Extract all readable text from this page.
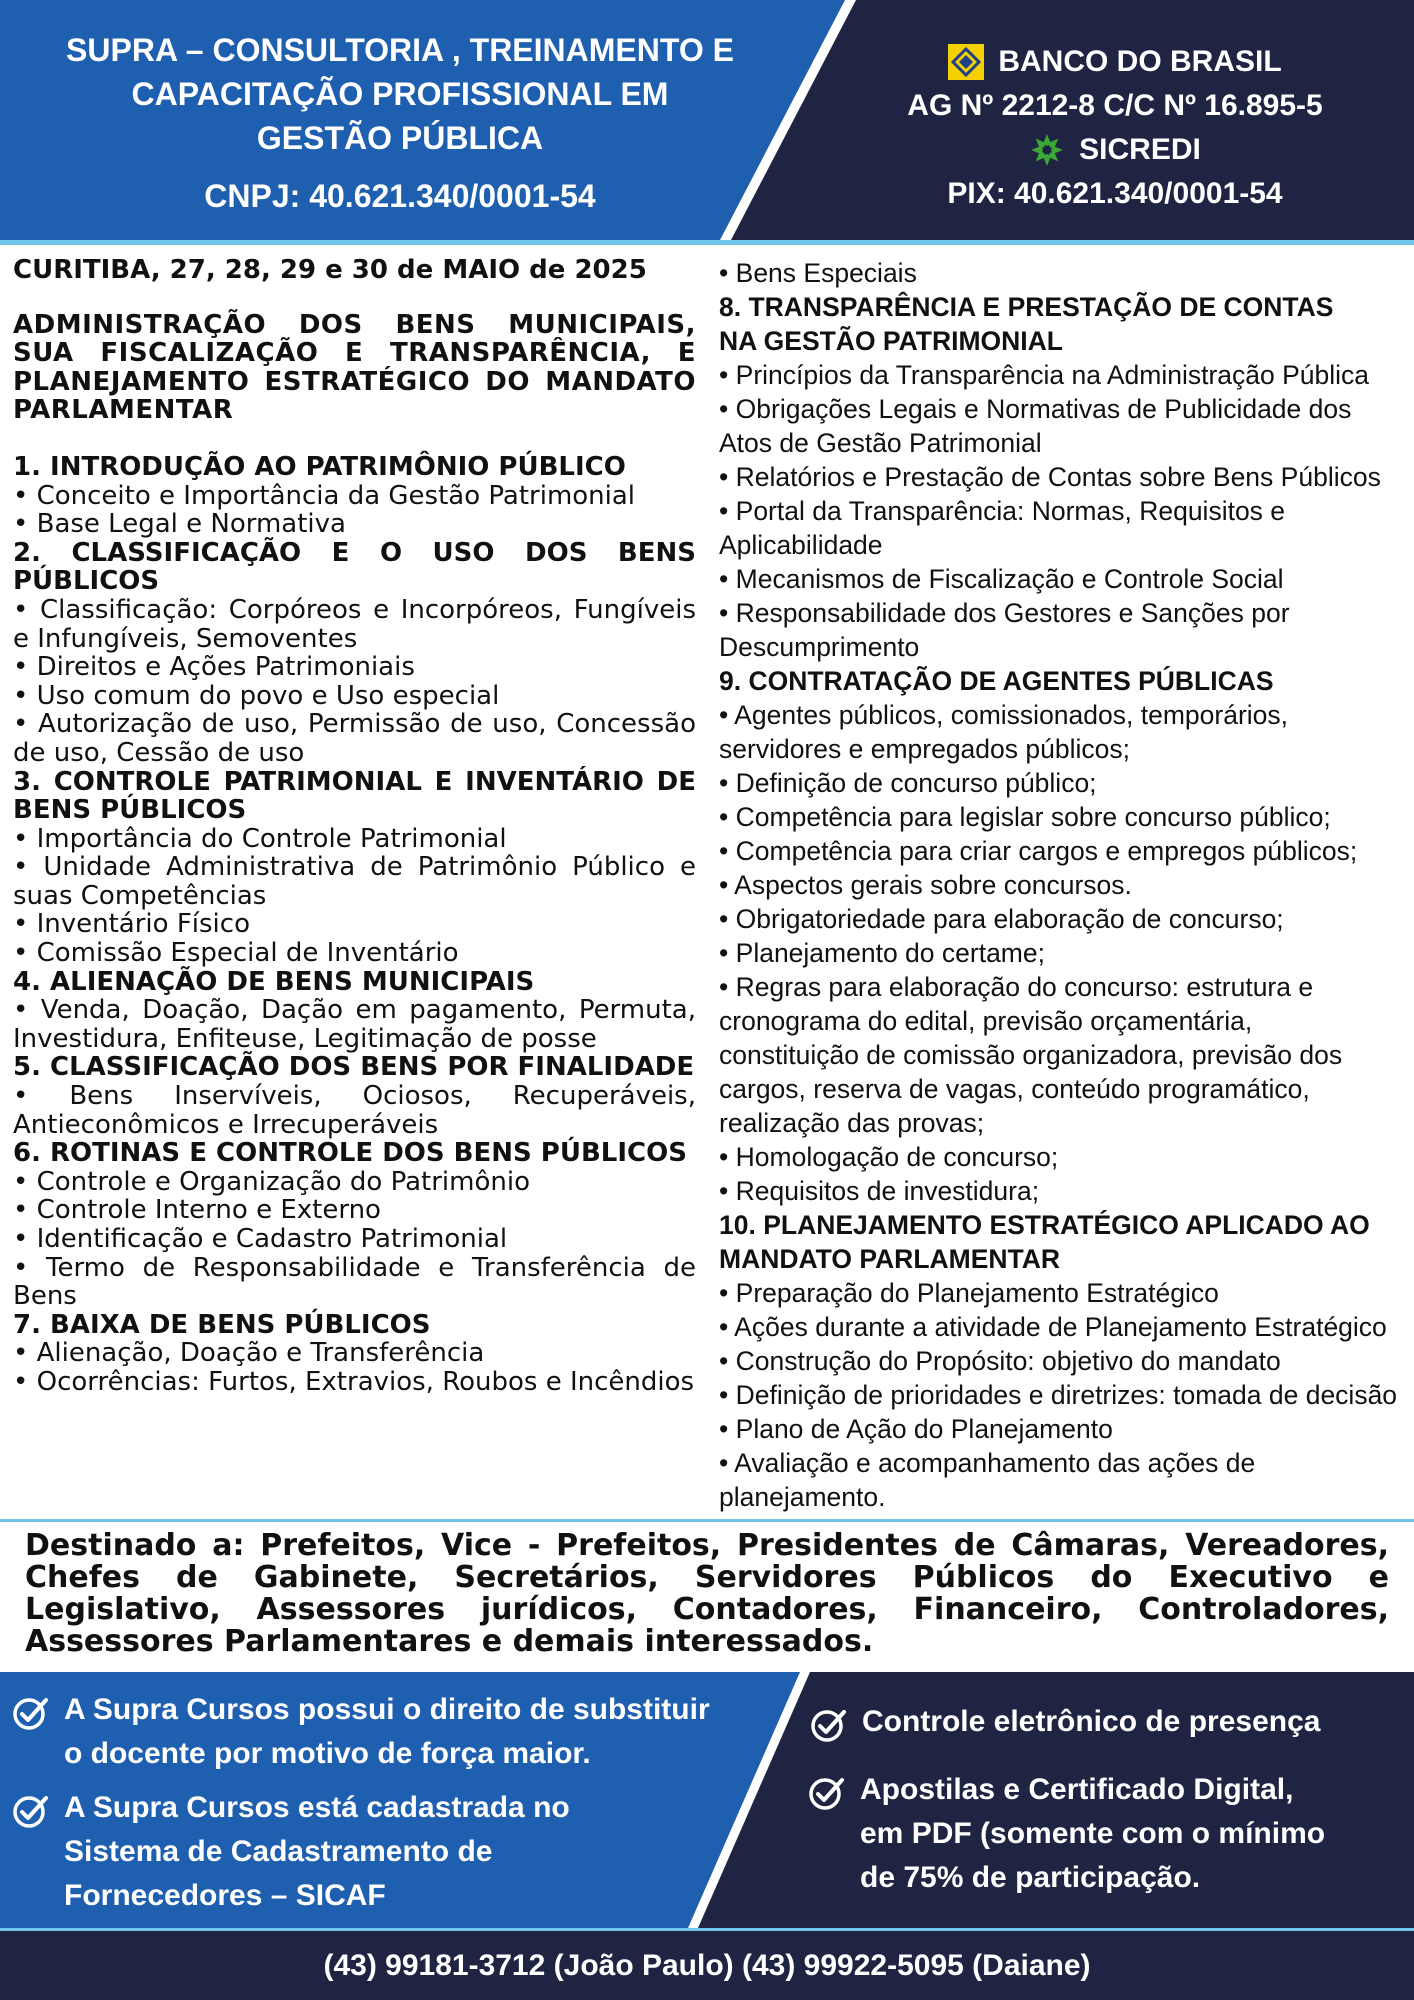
SUPRA – CONSULTORIA , TREINAMENTO E
CAPACITAÇÃO PROFISSIONAL EM
GESTÃO PÚBLICA
CNPJ: 40.621.340/0001-54
BANCO DO BRASIL
AG Nº 2212-8 C/C Nº 16.895-5
SICREDI
PIX: 40.621.340/0001-54

CURITIBA, 27, 28, 29 e 30 de MAIO de 2025

ADMINISTRAÇÃO DOS BENS MUNICIPAIS, SUA FISCALIZAÇÃO E TRANSPARÊNCIA, E PLANEJAMENTO ESTRATÉGICO DO MANDATO PARLAMENTAR

1. INTRODUÇÃO AO PATRIMÔNIO PÚBLICO

• Conceito e Importância da Gestão Patrimonial

• Base Legal e Normativa

2. CLASSIFICAÇÃO E O USO DOS BENS PÚBLICOS

• Classificação: Corpóreos e Incorpóreos, Fungíveis e Infungíveis, Semoventes

• Direitos e Ações Patrimoniais

• Uso comum do povo e Uso especial

• Autorização de uso, Permissão de uso, Concessão de uso, Cessão de uso

3. CONTROLE PATRIMONIAL E INVENTÁRIO DE BENS PÚBLICOS

• Importância do Controle Patrimonial

• Unidade Administrativa de Patrimônio Público e suas Competências

• Inventário Físico

• Comissão Especial de Inventário

4. ALIENAÇÃO DE BENS MUNICIPAIS

• Venda, Doação, Dação em pagamento, Permuta, Investidura, Enfiteuse, Legitimação de posse

5. CLASSIFICAÇÃO DOS BENS POR FINALIDADE

• Bens Inservíveis, Ociosos, Recuperáveis, Antieconômicos e Irrecuperáveis

6. ROTINAS E CONTROLE DOS BENS PÚBLICOS

• Controle e Organização do Patrimônio

• Controle Interno e Externo

• Identificação e Cadastro Patrimonial

• Termo de Responsabilidade e Transferência de Bens

7. BAIXA DE BENS PÚBLICOS

• Alienação, Doação e Transferência

• Ocorrências: Furtos, Extravios, Roubos e Incêndios

• Bens Especiais

8. TRANSPARÊNCIA E PRESTAÇÃO DE CONTAS

NA GESTÃO PATRIMONIAL

• Princípios da Transparência na Administração Pública

• Obrigações Legais e Normativas de Publicidade dos

Atos de Gestão Patrimonial

• Relatórios e Prestação de Contas sobre Bens Públicos

• Portal da Transparência: Normas, Requisitos e

Aplicabilidade

• Mecanismos de Fiscalização e Controle Social

• Responsabilidade dos Gestores e Sanções por

Descumprimento

9. CONTRATAÇÃO DE AGENTES PÚBLICAS

• Agentes públicos, comissionados, temporários,

servidores e empregados públicos;

• Definição de concurso público;

• Competência para legislar sobre concurso público;

• Competência para criar cargos e empregos públicos;

• Aspectos gerais sobre concursos.

• Obrigatoriedade para elaboração de concurso;

• Planejamento do certame;

• Regras para elaboração do concurso: estrutura e

cronograma do edital, previsão orçamentária,

constituição de comissão organizadora, previsão dos

cargos, reserva de vagas, conteúdo programático,

realização das provas;

• Homologação de concurso;

• Requisitos de investidura;

10. PLANEJAMENTO ESTRATÉGICO APLICADO AO

MANDATO PARLAMENTAR

• Preparação do Planejamento Estratégico

• Ações durante a atividade de Planejamento Estratégico

• Construção do Propósito: objetivo do mandato

• Definição de prioridades e diretrizes: tomada de decisão

• Plano de Ação do Planejamento

• Avaliação e acompanhamento das ações de

planejamento.

Destinado a: Prefeitos, Vice - Prefeitos, Presidentes de Câmaras, Vereadores, Chefes de Gabinete, Secretários, Servidores Públicos do Executivo e Legislativo, Assessores jurídicos, Contadores, Financeiro, Controladores, Assessores Parlamentares e demais interessados.

A Supra Cursos possui o direito de substituir
o docente por motivo de força maior.
A Supra Cursos está cadastrada no
Sistema de Cadastramento de
Fornecedores – SICAF
Controle eletrônico de presença
Apostilas e Certificado Digital,
em PDF (somente com o mínimo
de 75% de participação.
(43) 99181-3712 (João Paulo) (43) 99922-5095 (Daiane)
